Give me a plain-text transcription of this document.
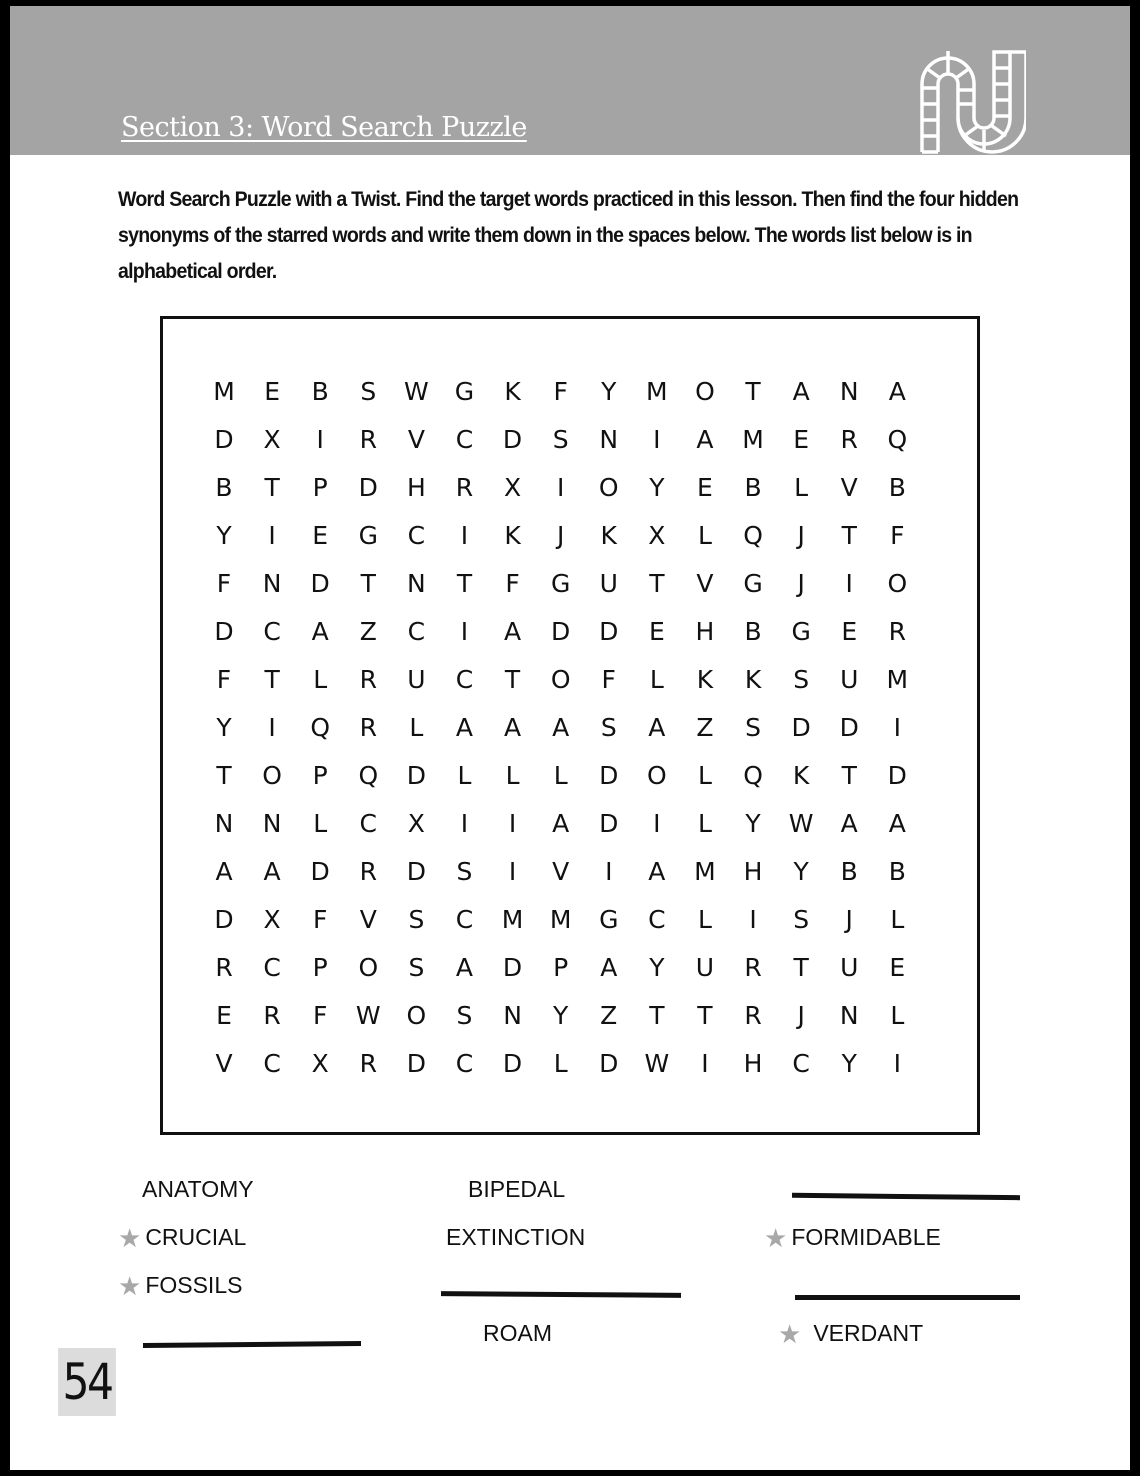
Section 3: Word Search Puzzle
Word Search Puzzle with a Twist. Find the target words practiced in this lesson. Then find the four hidden synonyms of the starred words and write them down in the spaces below. The words list below is in alphabetical order.
M	E	B	S	W G	K	F	Y	M O	T	A N A
D X	I	R V C D	S	N	I	A M	E	R Q
B	T	P	D H R X	I	O	Y	E	B	L	V B
Y	I	E	G C	I	K	J	K	X	L	Q	J	T	F
F	N D	T	N	T	F	G U	T	V G	J	I	O
D C A Z C	I	A D D	E	H B G	E	R
F	T	L	R U C	T	O	F	L	K	K	S	U M
Y	I	Q R	L	A A A	S	A Z	S	D D	I
T	O	P	Q D	L	L	L	D O	L	Q	K	T	D
N N	L	C X	I	I	A D	I	L	Y	W A A
A A D R D	S	I	V	I	A M H	Y	B B
D X	F	V	S	C M M G C	L	I	S	J	L
R C	P	O	S	A D	P	A	Y	U R	T	U	E
E	R	F	W O	S	N	Y	Z	T	T	R	J	N	L
V C X R D C D	L	D W	I	H C	Y	I
ANATOMY	BIPEDAL
★ CRUCIAL	EXTINCTION	★ FORMIDABLE
★ FOSSILS
ROAM	★ VERDANT
54
